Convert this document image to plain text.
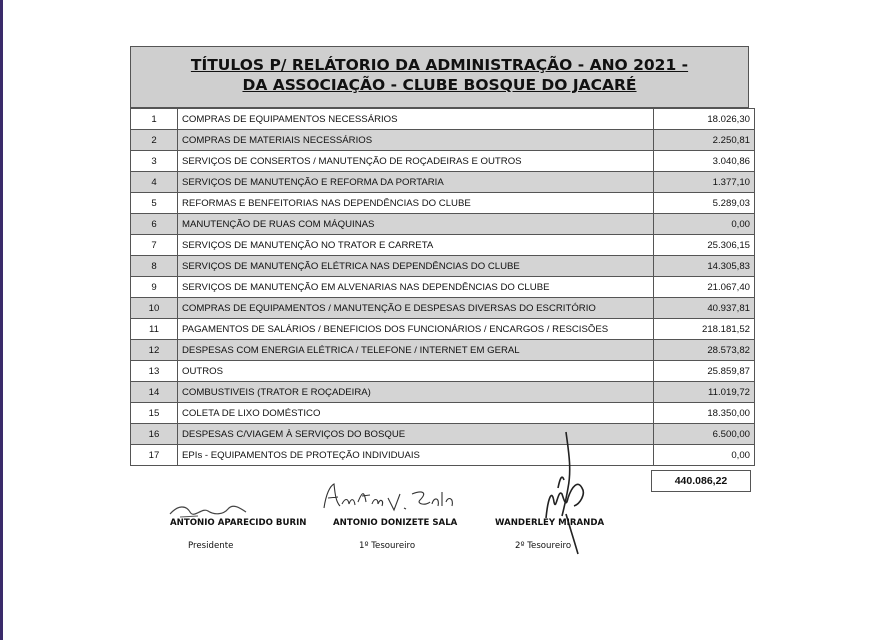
TÍTULOS P/ RELÁTORIO DA ADMINISTRAÇÃO - ANO 2021 -
DA ASSOCIAÇÃO - CLUBE BOSQUE DO JACARÉ
1	COMPRAS DE EQUIPAMENTOS NECESSÁRIOS	18.026,30
2	COMPRAS DE MATERIAIS NECESSÁRIOS	2.250,81
3	SERVIÇOS DE CONSERTOS / MANUTENÇÃO DE ROÇADEIRAS E OUTROS	3.040,86
4	SERVIÇOS DE MANUTENÇÃO E REFORMA DA PORTARIA	1.377,10
5	REFORMAS E BENFEITORIAS NAS DEPENDÊNCIAS DO CLUBE	5.289,03
6	MANUTENÇÃO DE RUAS COM MÁQUINAS	0,00
7	SERVIÇOS DE MANUTENÇÃO NO TRATOR E CARRETA	25.306,15
8	SERVIÇOS DE MANUTENÇÃO ELÉTRICA NAS DEPENDÊNCIAS DO CLUBE	14.305,83
9	SERVIÇOS DE MANUTENÇÃO EM ALVENARIAS NAS DEPENDÊNCIAS DO CLUBE	21.067,40
10	COMPRAS DE EQUIPAMENTOS / MANUTENÇÃO E DESPESAS DIVERSAS DO ESCRITÓRIO	40.937,81
11	PAGAMENTOS DE SALÁRIOS / BENEFICIOS DOS FUNCIONÁRIOS / ENCARGOS / RESCISÕES	218.181,52
12	DESPESAS COM ENERGIA ELÉTRICA / TELEFONE / INTERNET EM GERAL	28.573,82
13	OUTROS	25.859,87
14	COMBUSTIVEIS (TRATOR E ROÇADEIRA)	11.019,72
15	COLETA DE LIXO DOMÉSTICO	18.350,00
16	DESPESAS C/VIAGEM À SERVIÇOS DO BOSQUE	6.500,00
17	EPIs - EQUIPAMENTOS DE PROTEÇÃO INDIVIDUAIS	0,00
440.086,22
ANTONIO APARECIDO BURIN
Presidente
ANTONIO DONIZETE SALA
1º Tesoureiro
WANDERLEY MIRANDA
2º Tesoureiro
